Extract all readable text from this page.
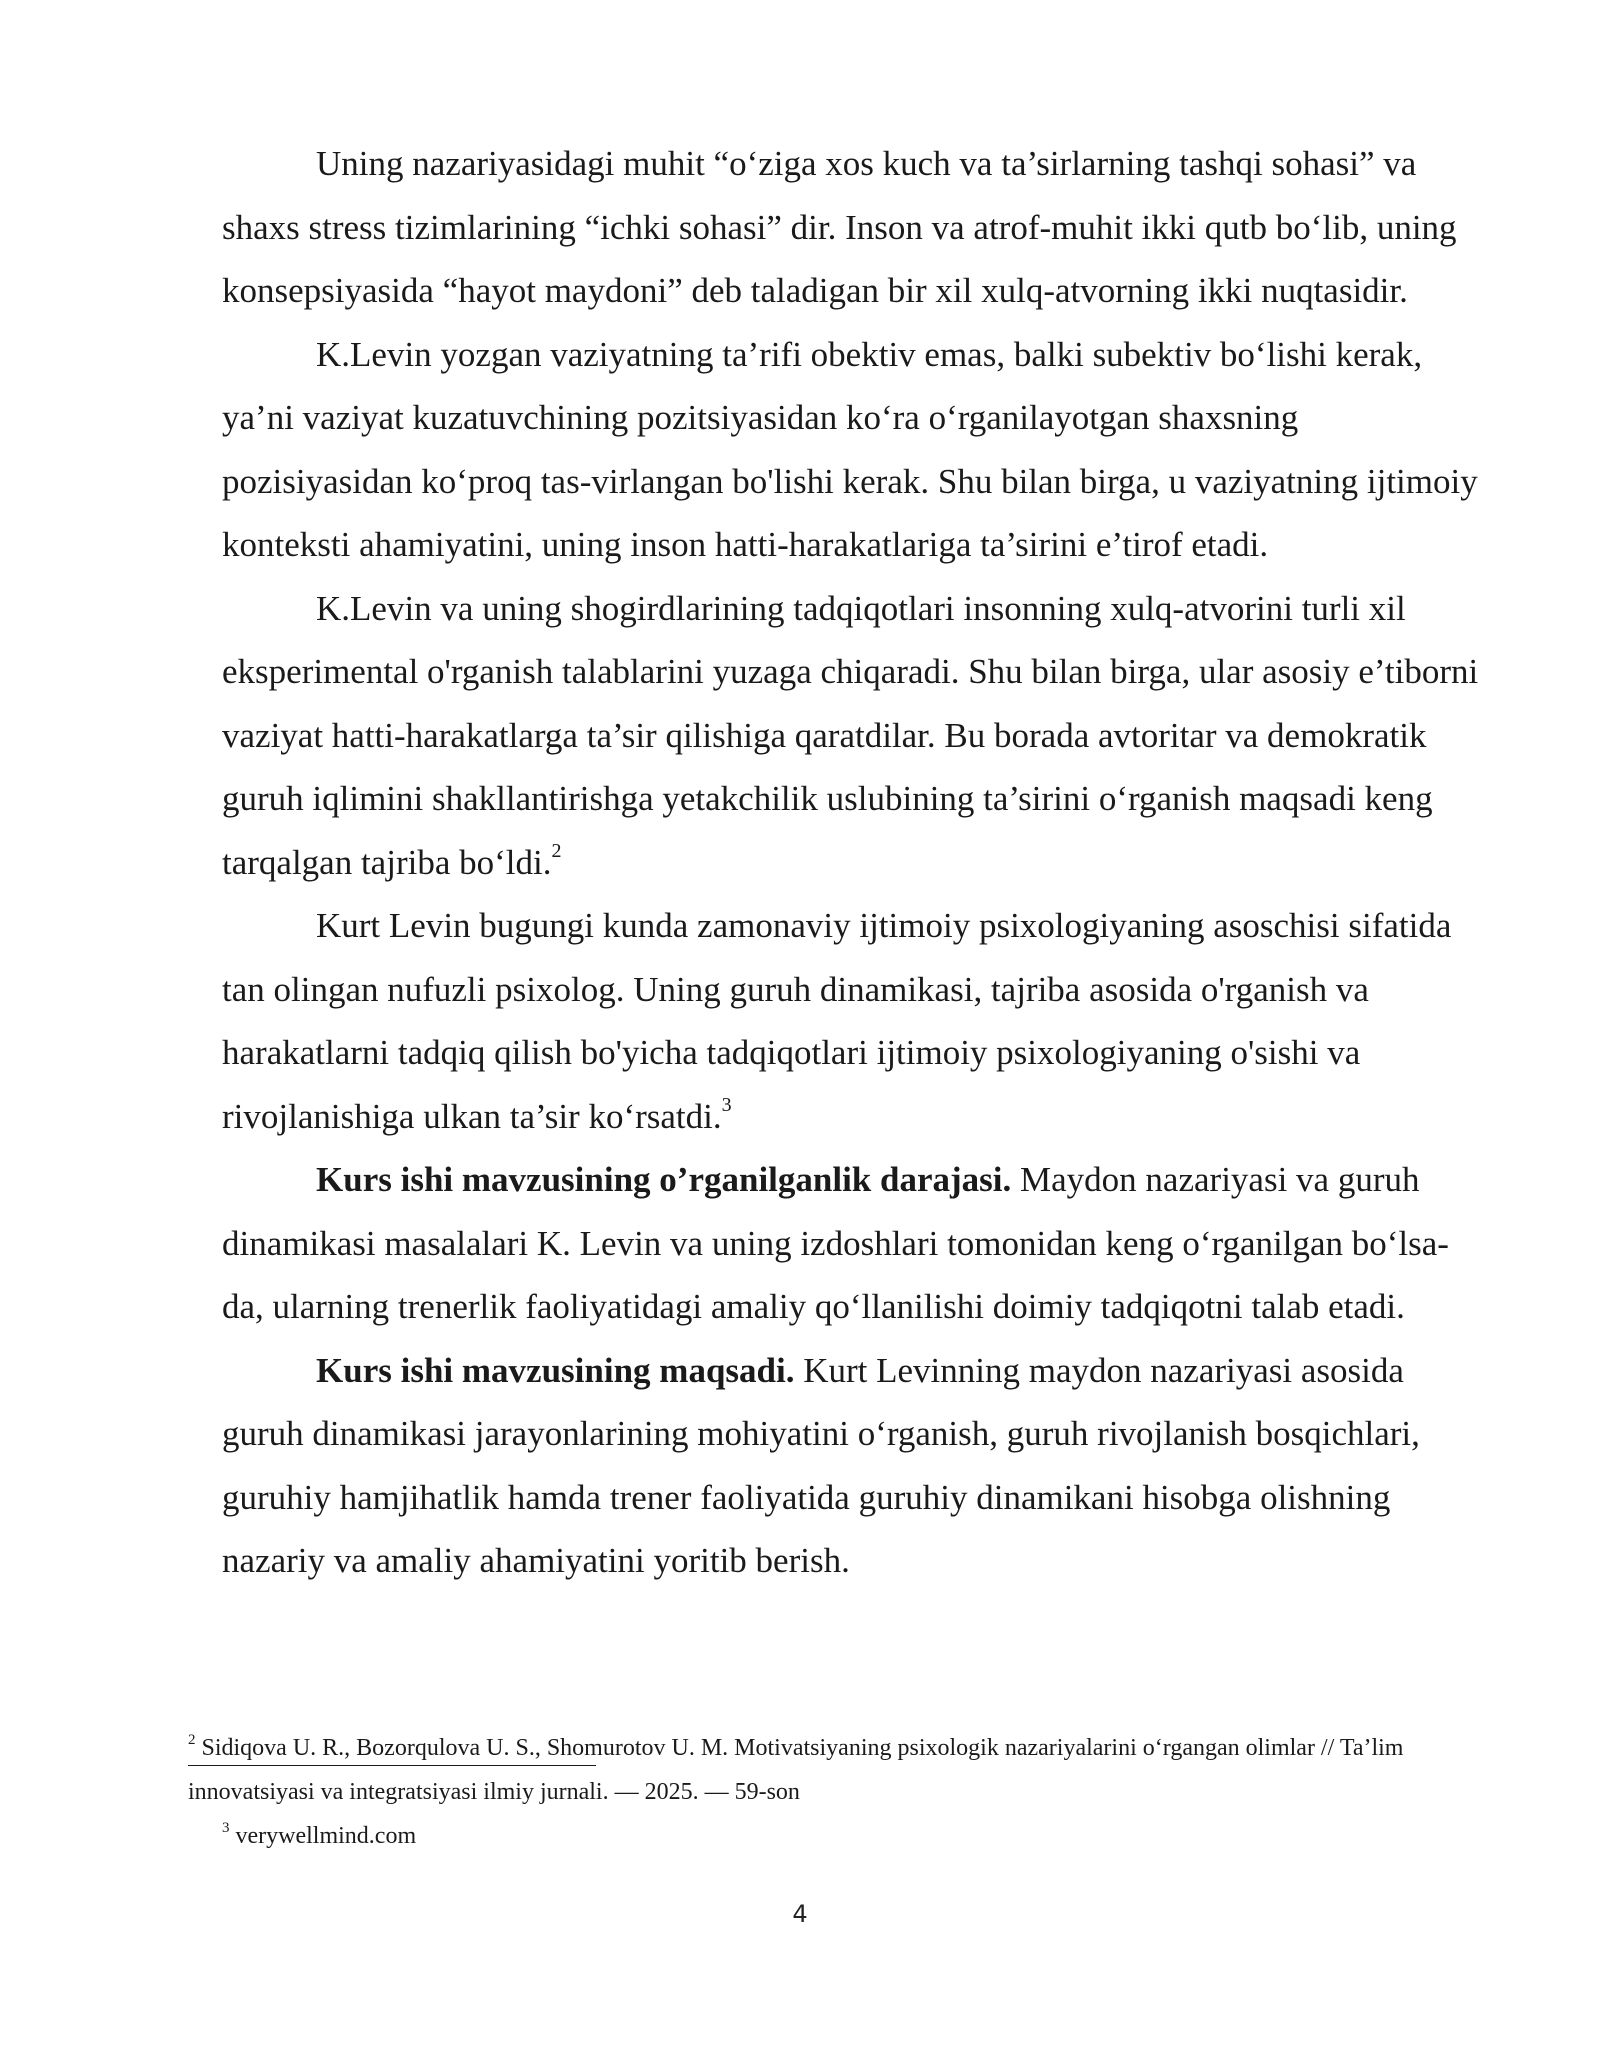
Uning nazariyasidagi muhit “o‘ziga xos kuch va ta’sirlarning tashqi sohasi” va shaxs stress tizimlarining “ichki sohasi” dir. Inson va atrof-muhit ikki qutb bo‘lib, uning konsepsiyasida “hayot maydoni” deb taladigan bir xil xulq-atvorning ikki nuqtasidir.

K.Levin yozgan vaziyatning ta’rifi obektiv emas, balki subektiv bo‘lishi kerak, ya’ni vaziyat kuzatuvchining pozitsiyasidan ko‘ra o‘rganilayotgan shaxsning pozisiyasidan ko‘proq tas-virlangan bo'lishi kerak. Shu bilan birga, u vaziyatning ijtimoiy konteksti ahamiyatini, uning inson hatti-harakatlariga ta’sirini e’tirof etadi.

K.Levin va uning shogirdlarining tadqiqotlari insonning xulq-atvorini turli xil eksperimental o'rganish talablarini yuzaga chiqaradi. Shu bilan birga, ular asosiy e’tiborni vaziyat hatti-harakatlarga ta’sir qilishiga qaratdilar. Bu borada avtoritar va demokratik guruh iqlimini shakllantirishga yetakchilik uslubining ta’sirini o‘rganish maqsadi keng tarqalgan tajriba bo‘ldi.$^2$

Kurt Levin bugungi kunda zamonaviy ijtimoiy psixologiyaning asoschisi sifatida tan olingan nufuzli psixolog. Uning guruh dinamikasi, tajriba asosida o'rganish va harakatlarni tadqiq qilish bo'yicha tadqiqotlari ijtimoiy psixologiyaning o'sishi va rivojlanishiga ulkan ta’sir ko‘rsatdi.$^3$

Kurs ishi mavzusining o’rganilganlik darajasi. Maydon nazariyasi va guruh dinamikasi masalalari K. Levin va uning izdoshlari tomonidan keng o‘rganilgan bo‘lsa-da, ularning trenerlik faoliyatidagi amaliy qo‘llanilishi doimiy tadqiqotni talab etadi.

Kurs ishi mavzusining maqsadi. Kurt Levinning maydon nazariyasi asosida guruh dinamikasi jarayonlarining mohiyatini o‘rganish, guruh rivojlanish bosqichlari, guruhiy hamjihatlik hamda trener faoliyatida guruhiy dinamikani hisobga olishning nazariy va amaliy ahamiyatini yoritib berish.

$^2$ Sidiqova U. R., Bozorqulova U. S., Shomurotov U. M. Motivatsiyaning psixologik nazariyalarini o‘rgangan olimlar // Ta’lim innovatsiyasi va integratsiyasi ilmiy jurnali. — 2025. — 59-son

$^3$ verywellmind.com

4
